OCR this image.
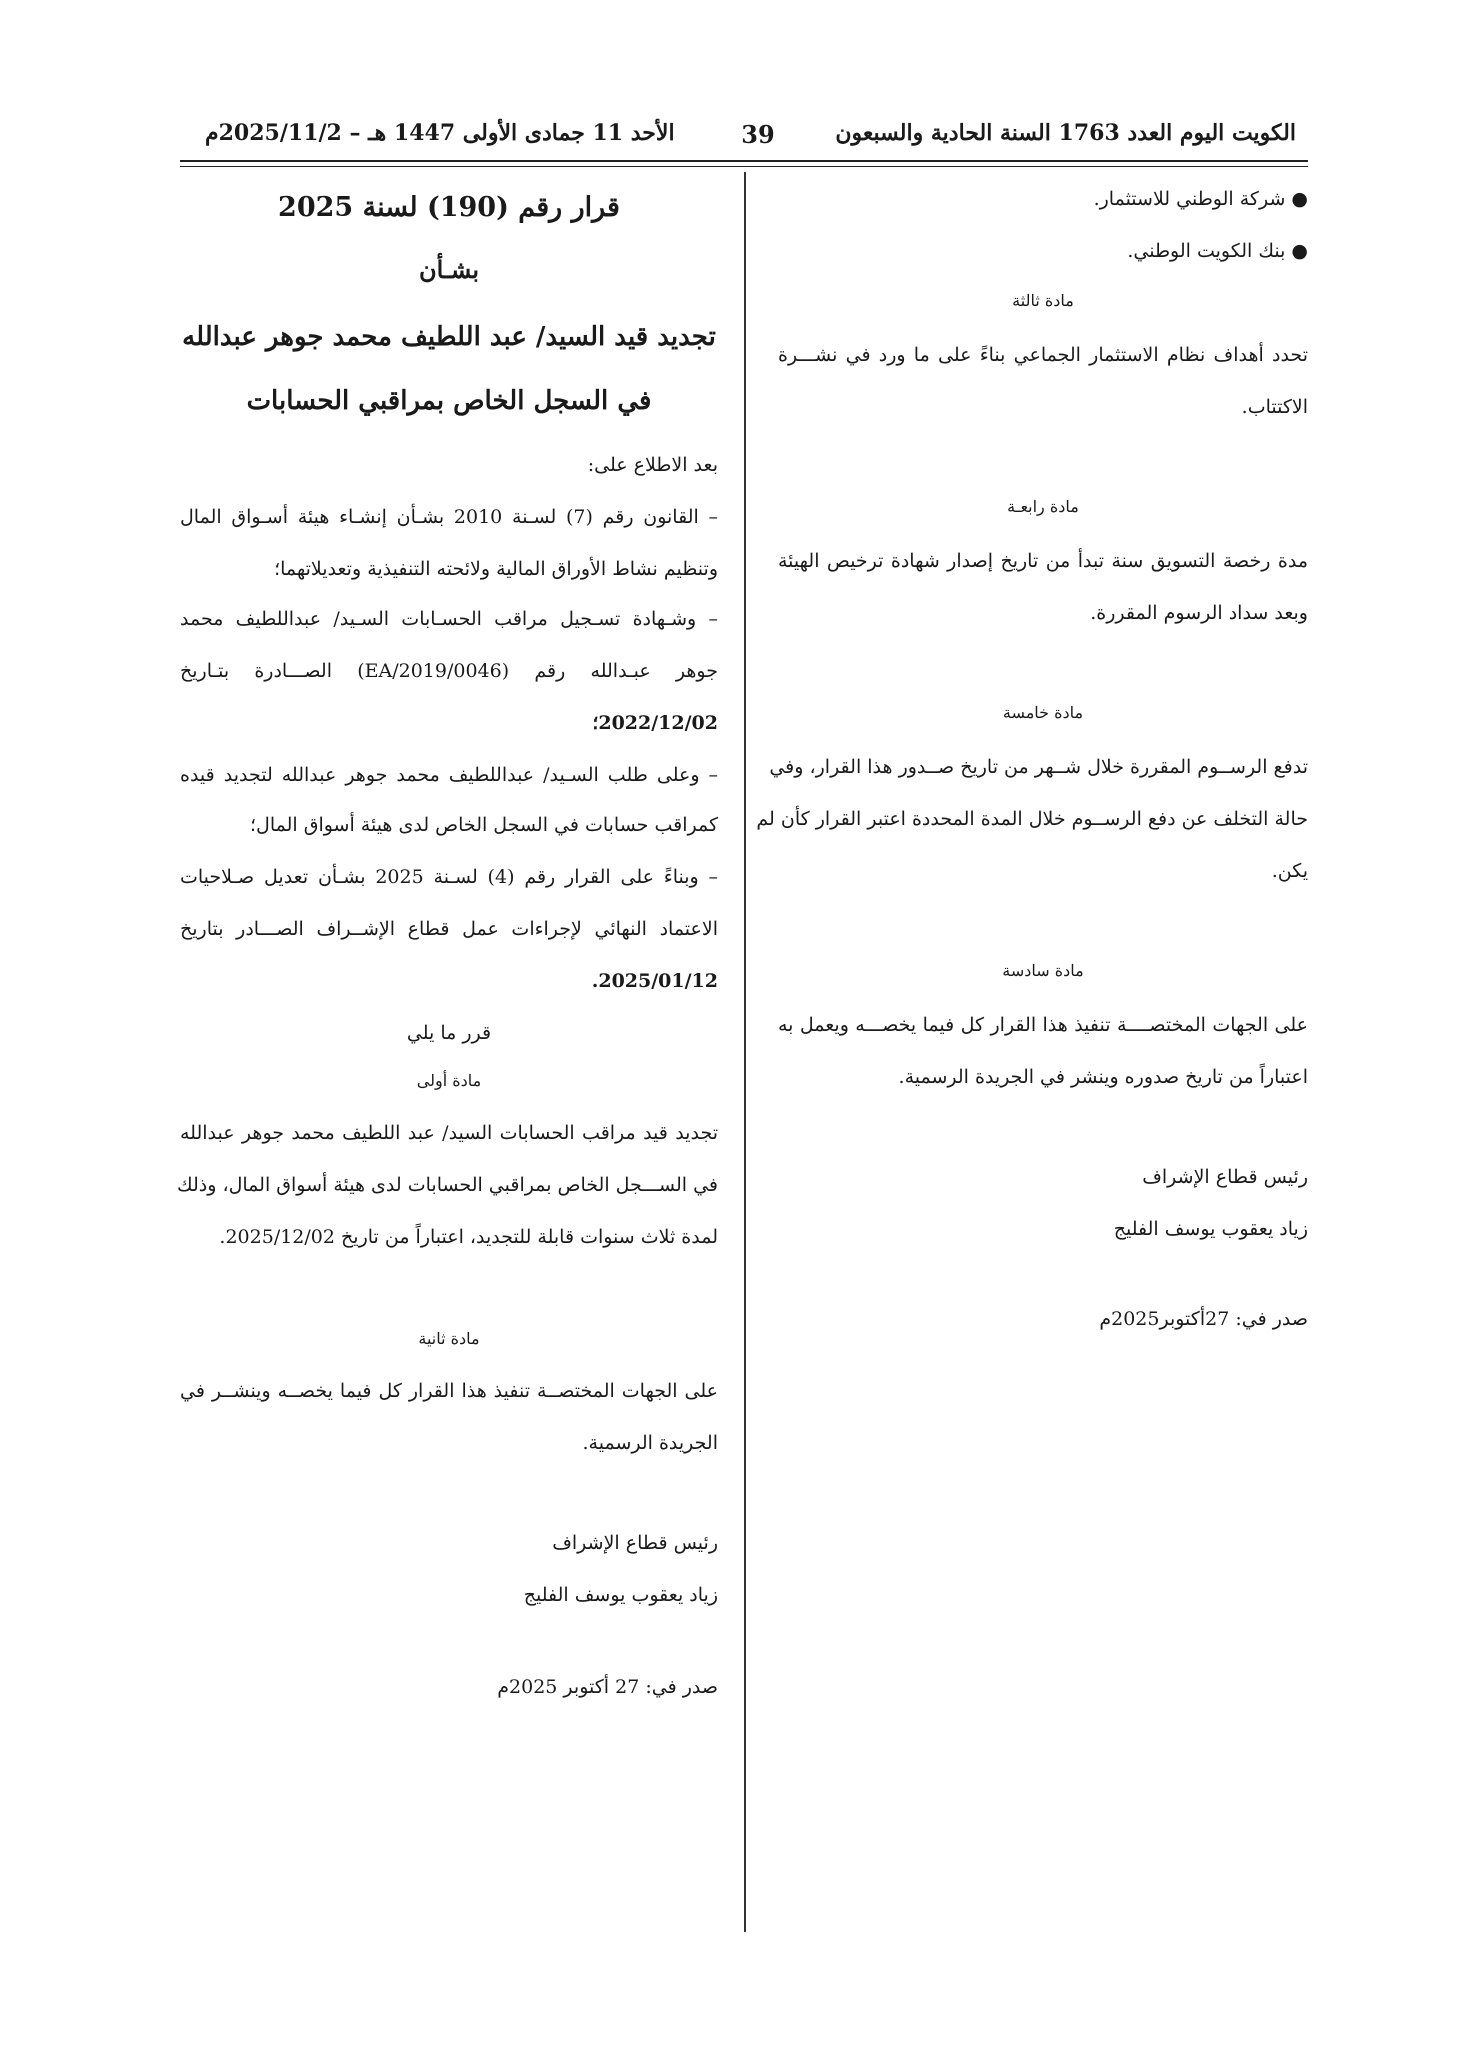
الكويت اليوم العدد 1763 السنة الحادية والسبعون
39
الأحد 11 جمادى الأولى 1447 هـ – 2025/11/2م
● شركة الوطني للاستثمار.
● بنك الكويت الوطني.
مادة ثالثة
تحدد أهداف نظام الاستثمار الجماعي بناءً على ما ورد في نشـــرة
الاكتتاب.
مادة رابعـة
مدة رخصة التسويق سنة تبدأ من تاريخ إصدار شهادة ترخيص الهيئة
وبعد سداد الرسوم المقررة.
مادة خامسة
تدفع الرســوم المقررة خلال شــهر من تاريخ صــدور هذا القرار، وفي
حالة التخلف عن دفع الرســوم خلال المدة المحددة اعتبر القرار كأن لم
يكن.
مادة سادسة
على الجهات المختصــــة تنفيذ هذا القرار كل فيما يخصـــه ويعمل به
اعتباراً من تاريخ صدوره وينشر في الجريدة الرسمية.
رئيس قطاع الإشراف
زياد يعقوب يوسف الفليج
صدر في: 27أكتوبر2025م
قرار رقم (190) لسنة 2025
بشـأن
تجديد قيد السيد/ عبد اللطيف محمد جوهر عبدالله
في السجل الخاص بمراقبي الحسابات
بعد الاطلاع على:
– القانون رقم (7) لسـنة 2010 بشـأن إنشـاء هيئة أسـواق المال
وتنظيم نشاط الأوراق المالية ولائحته التنفيذية وتعديلاتهما؛
– وشـهادة تسـجيل مراقب الحسـابات السـيد/ عبداللطيف محمد
جوهر عبـدالله رقم (EA/2019/0046) الصـــادرة بتـاريخ
2022/12/02؛
– وعلى طلب السـيد/ عبداللطيف محمد جوهر عبدالله لتجديد قيده
كمراقب حسابات في السجل الخاص لدى هيئة أسواق المال؛
– وبناءً على القرار رقم (4) لسـنة 2025 بشـأن تعديل صـلاحيات
الاعتماد النهائي لإجراءات عمل قطاع الإشــراف الصـــادر بتاريخ
2025/01/12.
قرر ما يلي
مادة أولى
تجديد قيد مراقب الحسابات السيد/ عبد اللطيف محمد جوهر عبدالله
في الســـجل الخاص بمراقبي الحسابات لدى هيئة أسواق المال، وذلك
لمدة ثلاث سنوات قابلة للتجديد، اعتباراً من تاريخ 2025/12/02.
مادة ثانية
على الجهات المختصــة تنفيذ هذا القرار كل فيما يخصــه وينشــر في
الجريدة الرسمية.
رئيس قطاع الإشراف
زياد يعقوب يوسف الفليج
صدر في: 27 أكتوبر 2025م
